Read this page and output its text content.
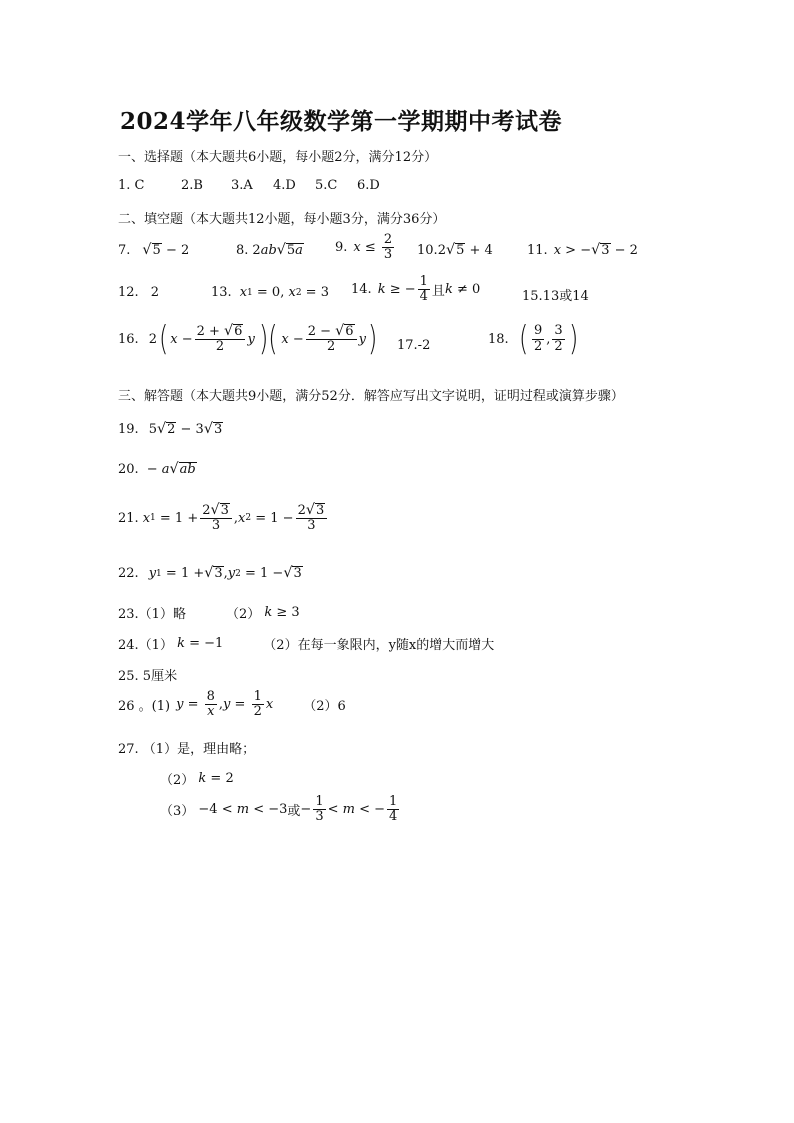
2024学年八年级数学第一学期期中考试卷
一、选择题（本大题共6小题，每小题2分，满分12分）
1. C	2.B 3.A 4.D 5.C 6.D
二、填空题（本大题共12小题，每小题3分，满分36分）
7. √ 5 − 2	8. 2 ab √ 5a 9. $x \le \frac{2}{3} 10$. 2 √ 5 + 4	11. x > − √ 3 − 2
12. 2	13. x 1 = 0, x 2 = 3 14. k ≥ − $\frac{1}{4}$ 且 k ≠ 0	15.13或14
16. 2 ( $x - \frac{2 + √ 6}{2}$ y )( $x - \frac{2 - √ 6}{2}$ y ) 17.-2	18. ( $\frac{9}{2}$ , $\frac{3}{2}$ )
三、解答题（本大题共9小题，满分52分．解答应写出文字说明，证明过程或演算步骤）
19. 5 √ 2 − 3 √ 3
20. − a √ ab
21. x $1 = 1 + \frac{2 √ 3}{3}$ , x $2 = 1 - \frac{2 √ 3}{3}$
22. y 1 = 1 + √ 3 , y 2 = 1 − √ 3
23.（1）略	（2） k ≥ 3
24.（1） k = −1	（2）在每一象限内，y随x的增大而增大
25. 5厘米
26 。(1) $y = \frac{8}{x}$ , $y = \frac{1}{2}$ x （2）6
27. （1）是，理由略；
（2） k = 2
（3） −4 < m < −3 或 − $\frac{1}{3} < m$ < − $\frac{1}{4}$
